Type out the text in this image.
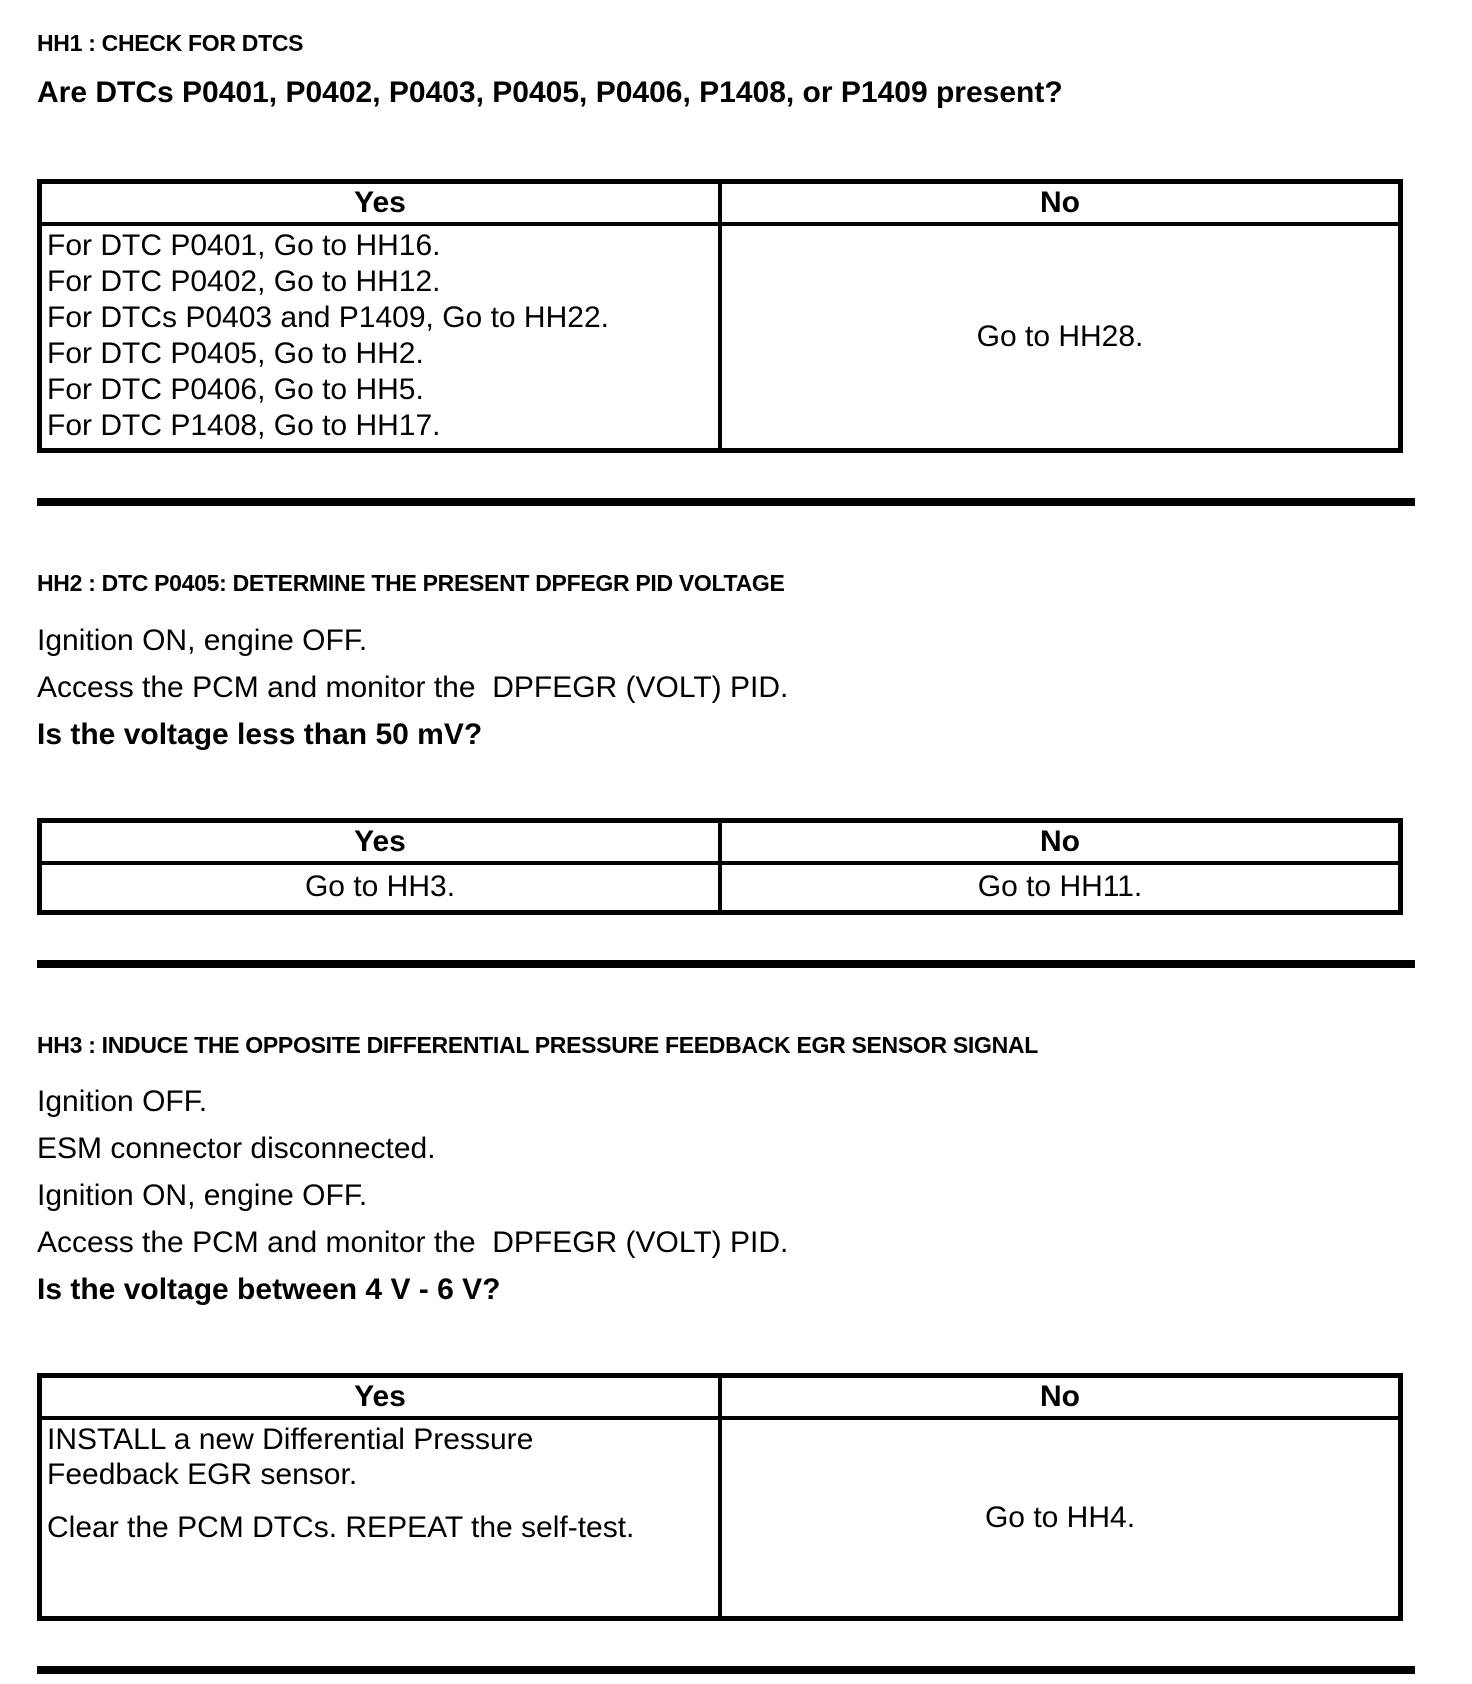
HH1 : CHECK FOR DTCS

Are DTCs P0401, P0402, P0403, P0405, P0406, P1408, or P1409 present?

Yes	No

For DTC P0401, Go to HH16.
For DTC P0402, Go to HH12.
For DTCs P0403 and P1409, Go to HH22.
For DTC P0405, Go to HH2.
For DTC P0406, Go to HH5.
For DTC P1408, Go to HH17.
	Go to HH28.
HH2 : DTC P0405: DETERMINE THE PRESENT DPFEGR PID VOLTAGE

Ignition ON, engine OFF.

Access the PCM and monitor the  DPFEGR (VOLT) PID.

Is the voltage less than 50 mV?

Yes	No
Go to HH3.	Go to HH11.
HH3 : INDUCE THE OPPOSITE DIFFERENTIAL PRESSURE FEEDBACK EGR SENSOR SIGNAL

Ignition OFF.

ESM connector disconnected.

Ignition ON, engine OFF.

Access the PCM and monitor the  DPFEGR (VOLT) PID.

Is the voltage between 4 V - 6 V?

Yes	No

INSTALL a new Differential Pressure Feedback EGR sensor.

Clear the PCM DTCs. REPEAT the self-test.	Go to HH4.
